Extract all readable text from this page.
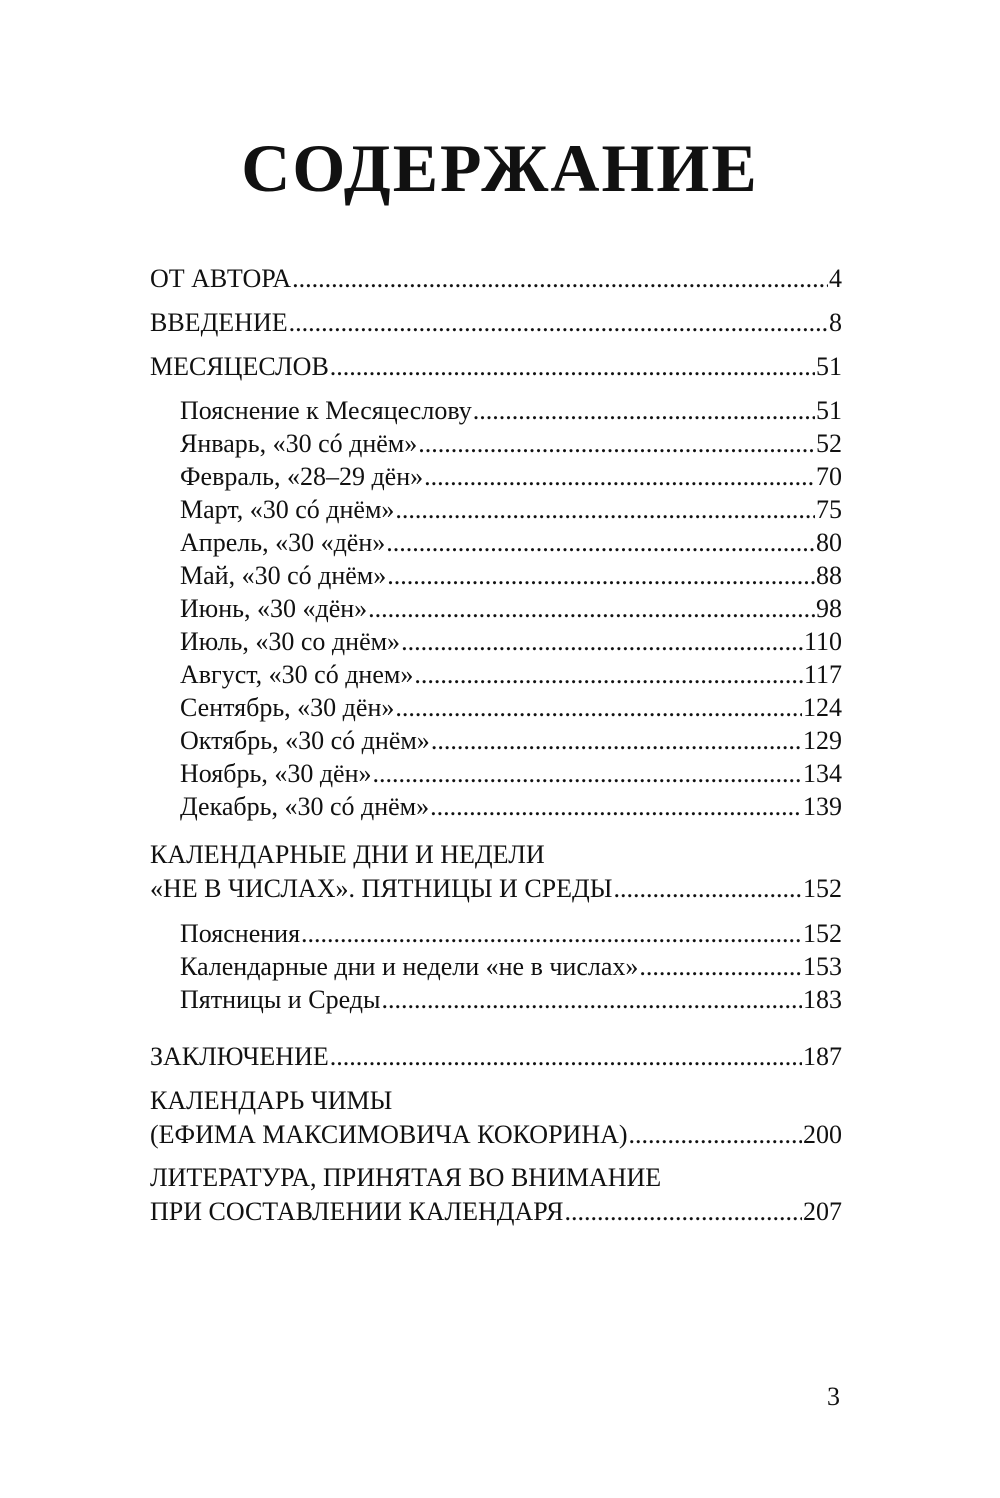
СОДЕРЖАНИЕ
ОТ АВТОРА .....	4
ВВЕДЕНИЕ .....	8
МЕСЯЦЕСЛОВ .....	51
Пояснение к Месяцеслову .....	51
Январь, «30 có днём» .....	52
Февраль, «28–29 дён» .....	70
Март, «30 có днём» .....	75
Апрель, «30 «дён» .....	80
Май, «30 có днём» .....	88
Июнь, «30 «дён» .....	98
Июль, «30 со днём» .....	110
Август, «30 có днем» .....	117
Сентябрь, «30 дён» .....	124
Октябрь, «30 có днём» .....	129
Ноябрь, «30 дён» .....	134
Декабрь, «30 có днём» .....	139
КАЛЕНДАРНЫЕ ДНИ И НЕДЕЛИ
«НЕ В ЧИСЛАХ». ПЯТНИЦЫ И СРЕДЫ .....	152
Пояснения .....	152
Календарные дни и недели «не в числах» .....	153
Пятницы и Среды .....	183
ЗАКЛЮЧЕНИЕ .....	187
КАЛЕНДАРЬ ЧИМЫ
(ЕФИМА МАКСИМОВИЧА КОКОРИНА) .....	200
ЛИТЕРАТУРА, ПРИНЯТАЯ ВО ВНИМАНИЕ
ПРИ СОСТАВЛЕНИИ КАЛЕНДАРЯ .....	207
3
